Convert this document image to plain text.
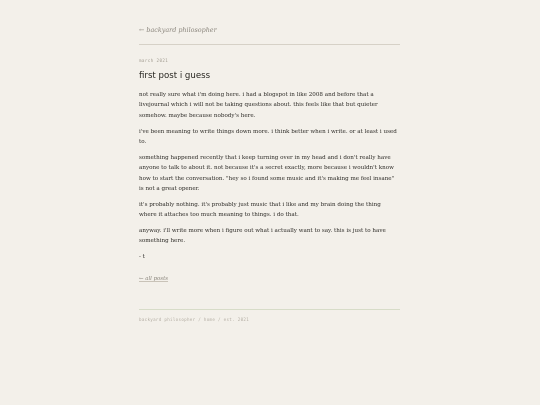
← backyard philosopher
march 2021
first post i guess

not really sure what i'm doing here. i had a blogspot in like 2008 and before that a livejournal which i will not be taking questions about. this feels like that but quieter somehow. maybe because nobody's here.

i've been meaning to write things down more. i think better when i write. or at least i used to.

something happened recently that i keep turning over in my head and i don't really have anyone to talk to about it. not because it's a secret exactly, more because i wouldn't know how to start the conversation. "hey so i found some music and it's making me feel insane" is not a great opener.

it's probably nothing. it's probably just music that i like and my brain doing the thing where it attaches too much meaning to things. i do that.

anyway. i'll write more when i figure out what i actually want to say. this is just to have something here.

- t
← all posts
backyard philosopher / home / est. 2021
